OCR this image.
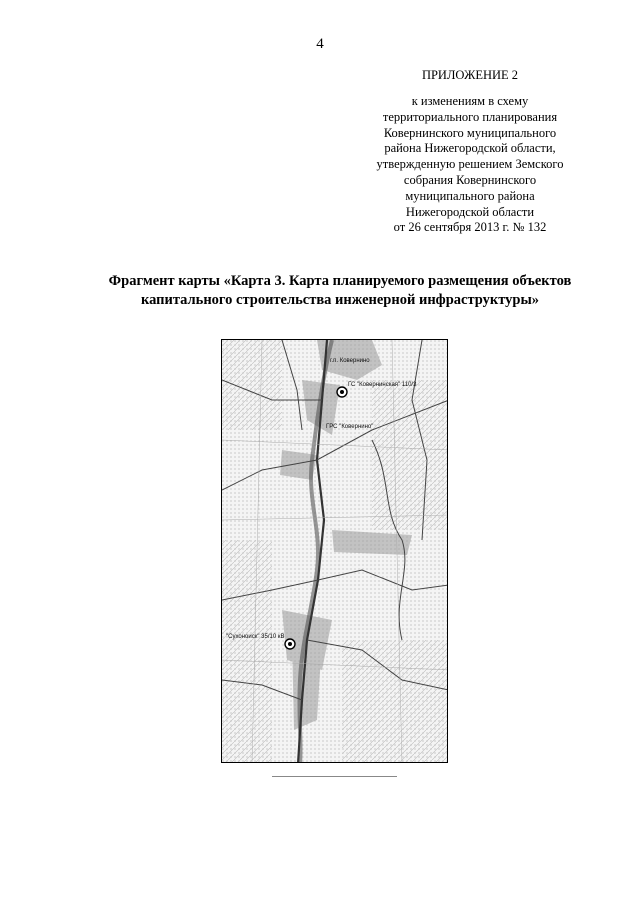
4
ПРИЛОЖЕНИЕ 2
к изменениям в схему
территориального планирования
Ковернинского муниципального
района Нижегородской области,
утвержденную решением Земского
собрания Ковернинского
муниципального района
Нижегородской области
от 26 сентября 2013 г. № 132
Фрагмент карты «Карта 3. Карта планируемого размещения объектов
капитального строительства инженерной инфраструктуры»
г.п. Ковернино
ГС "Ковернинская" 110/3
ГРС "Ковернино"
"Сухоноиск" 35/10 кВ
